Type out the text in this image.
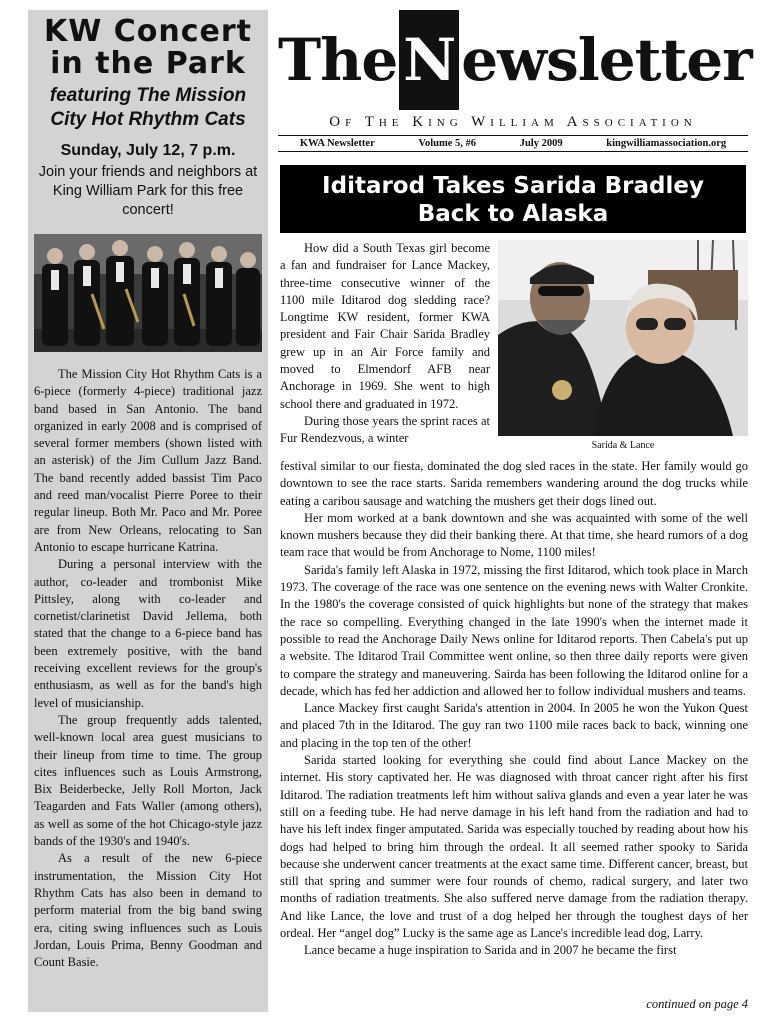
KW Concert in the Park
featuring The Mission City Hot Rhythm Cats
Sunday, July 12, 7 p.m.
Join your friends and neighbors at King William Park for this free concert!

The Mission City Hot Rhythm Cats is a 6-piece (formerly 4-piece) traditional jazz band based in San Antonio. The band organized in early 2008 and is comprised of several former members (shown listed with an asterisk) of the Jim Cullum Jazz Band. The band recently added bassist Tim Paco and reed man/vocalist Pierre Poree to their regular lineup. Both Mr. Paco and Mr. Poree are from New Orleans, relocating to San Antonio to escape hurricane Katrina.

During a personal interview with the author, co-leader and trombonist Mike Pittsley, along with co-leader and cornetist/clarinetist David Jellema, both stated that the change to a 6-piece band has been extremely positive, with the band receiving excellent reviews for the group's enthusiasm, as well as for the band's high level of musicianship.

The group frequently adds talented, well-known local area guest musicians to their lineup from time to time. The group cites influences such as Louis Armstrong, Bix Beiderbecke, Jelly Roll Morton, Jack Teagarden and Fats Waller (among others), as well as some of the hot Chicago-style jazz bands of the 1930's and 1940's.

As a result of the new 6-piece instrumentation, the Mission City Hot Rhythm Cats has also been in demand to perform material from the big band swing era, citing swing influences such as Louis Jordan, Louis Prima, Benny Goodman and Count Basie.

The N ewsletter
Of The King William Association
KWA Newsletter	Volume 5, #6	July 2009	kingwilliamassociation.org
Iditarod Takes Sarida Bradley
Back to Alaska

How did a South Texas girl become a fan and fundraiser for Lance Mackey, three-time consecutive winner of the 1100 mile Iditarod dog sledding race? Longtime KW resident, former KWA president and Fair Chair Sarida Bradley grew up in an Air Force family and moved to Elmendorf AFB near Anchorage in 1969. She went to high school there and graduated in 1972.

During those years the sprint races at Fur Rendezvous, a winter

Sarida & Lance

festival similar to our fiesta, dominated the dog sled races in the state. Her family would go downtown to see the race starts. Sarida remembers wandering around the dog trucks while eating a caribou sausage and watching the mushers get their dogs lined out.

Her mom worked at a bank downtown and she was acquainted with some of the well known mushers because they did their banking there. At that time, she heard rumors of a dog team race that would be from Anchorage to Nome, 1100 miles!

Sarida's family left Alaska in 1972, missing the first Iditarod, which took place in March 1973. The coverage of the race was one sentence on the evening news with Walter Cronkite. In the 1980's the coverage consisted of quick highlights but none of the strategy that makes the race so compelling. Everything changed in the late 1990's when the internet made it possible to read the Anchorage Daily News online for Iditarod reports. Then Cabela's put up a website. The Iditarod Trail Committee went online, so then three daily reports were given to compare the strategy and maneuvering. Sairda has been following the Iditarod online for a decade, which has fed her addiction and allowed her to follow individual mushers and teams.

Lance Mackey first caught Sarida's attention in 2004. In 2005 he won the Yukon Quest and placed 7th in the Iditarod. The guy ran two 1100 mile races back to back, winning one and placing in the top ten of the other!

Sarida started looking for everything she could find about Lance Mackey on the internet. His story captivated her. He was diagnosed with throat cancer right after his first Iditarod. The radiation treatments left him without saliva glands and even a year later he was still on a feeding tube. He had nerve damage in his left hand from the radiation and had to have his left index finger amputated. Sarida was especially touched by reading about how his dogs had helped to bring him through the ordeal. It all seemed rather spooky to Sarida because she underwent cancer treatments at the exact same time. Different cancer, breast, but still that spring and summer were four rounds of chemo, radical surgery, and later two months of radiation treatments. She also suffered nerve damage from the radiation therapy. And like Lance, the love and trust of a dog helped her through the toughest days of her ordeal. Her “angel dog” Lucky is the same age as Lance's incredible lead dog, Larry.

Lance became a huge inspiration to Sarida and in 2007 he became the first

continued on page 4
